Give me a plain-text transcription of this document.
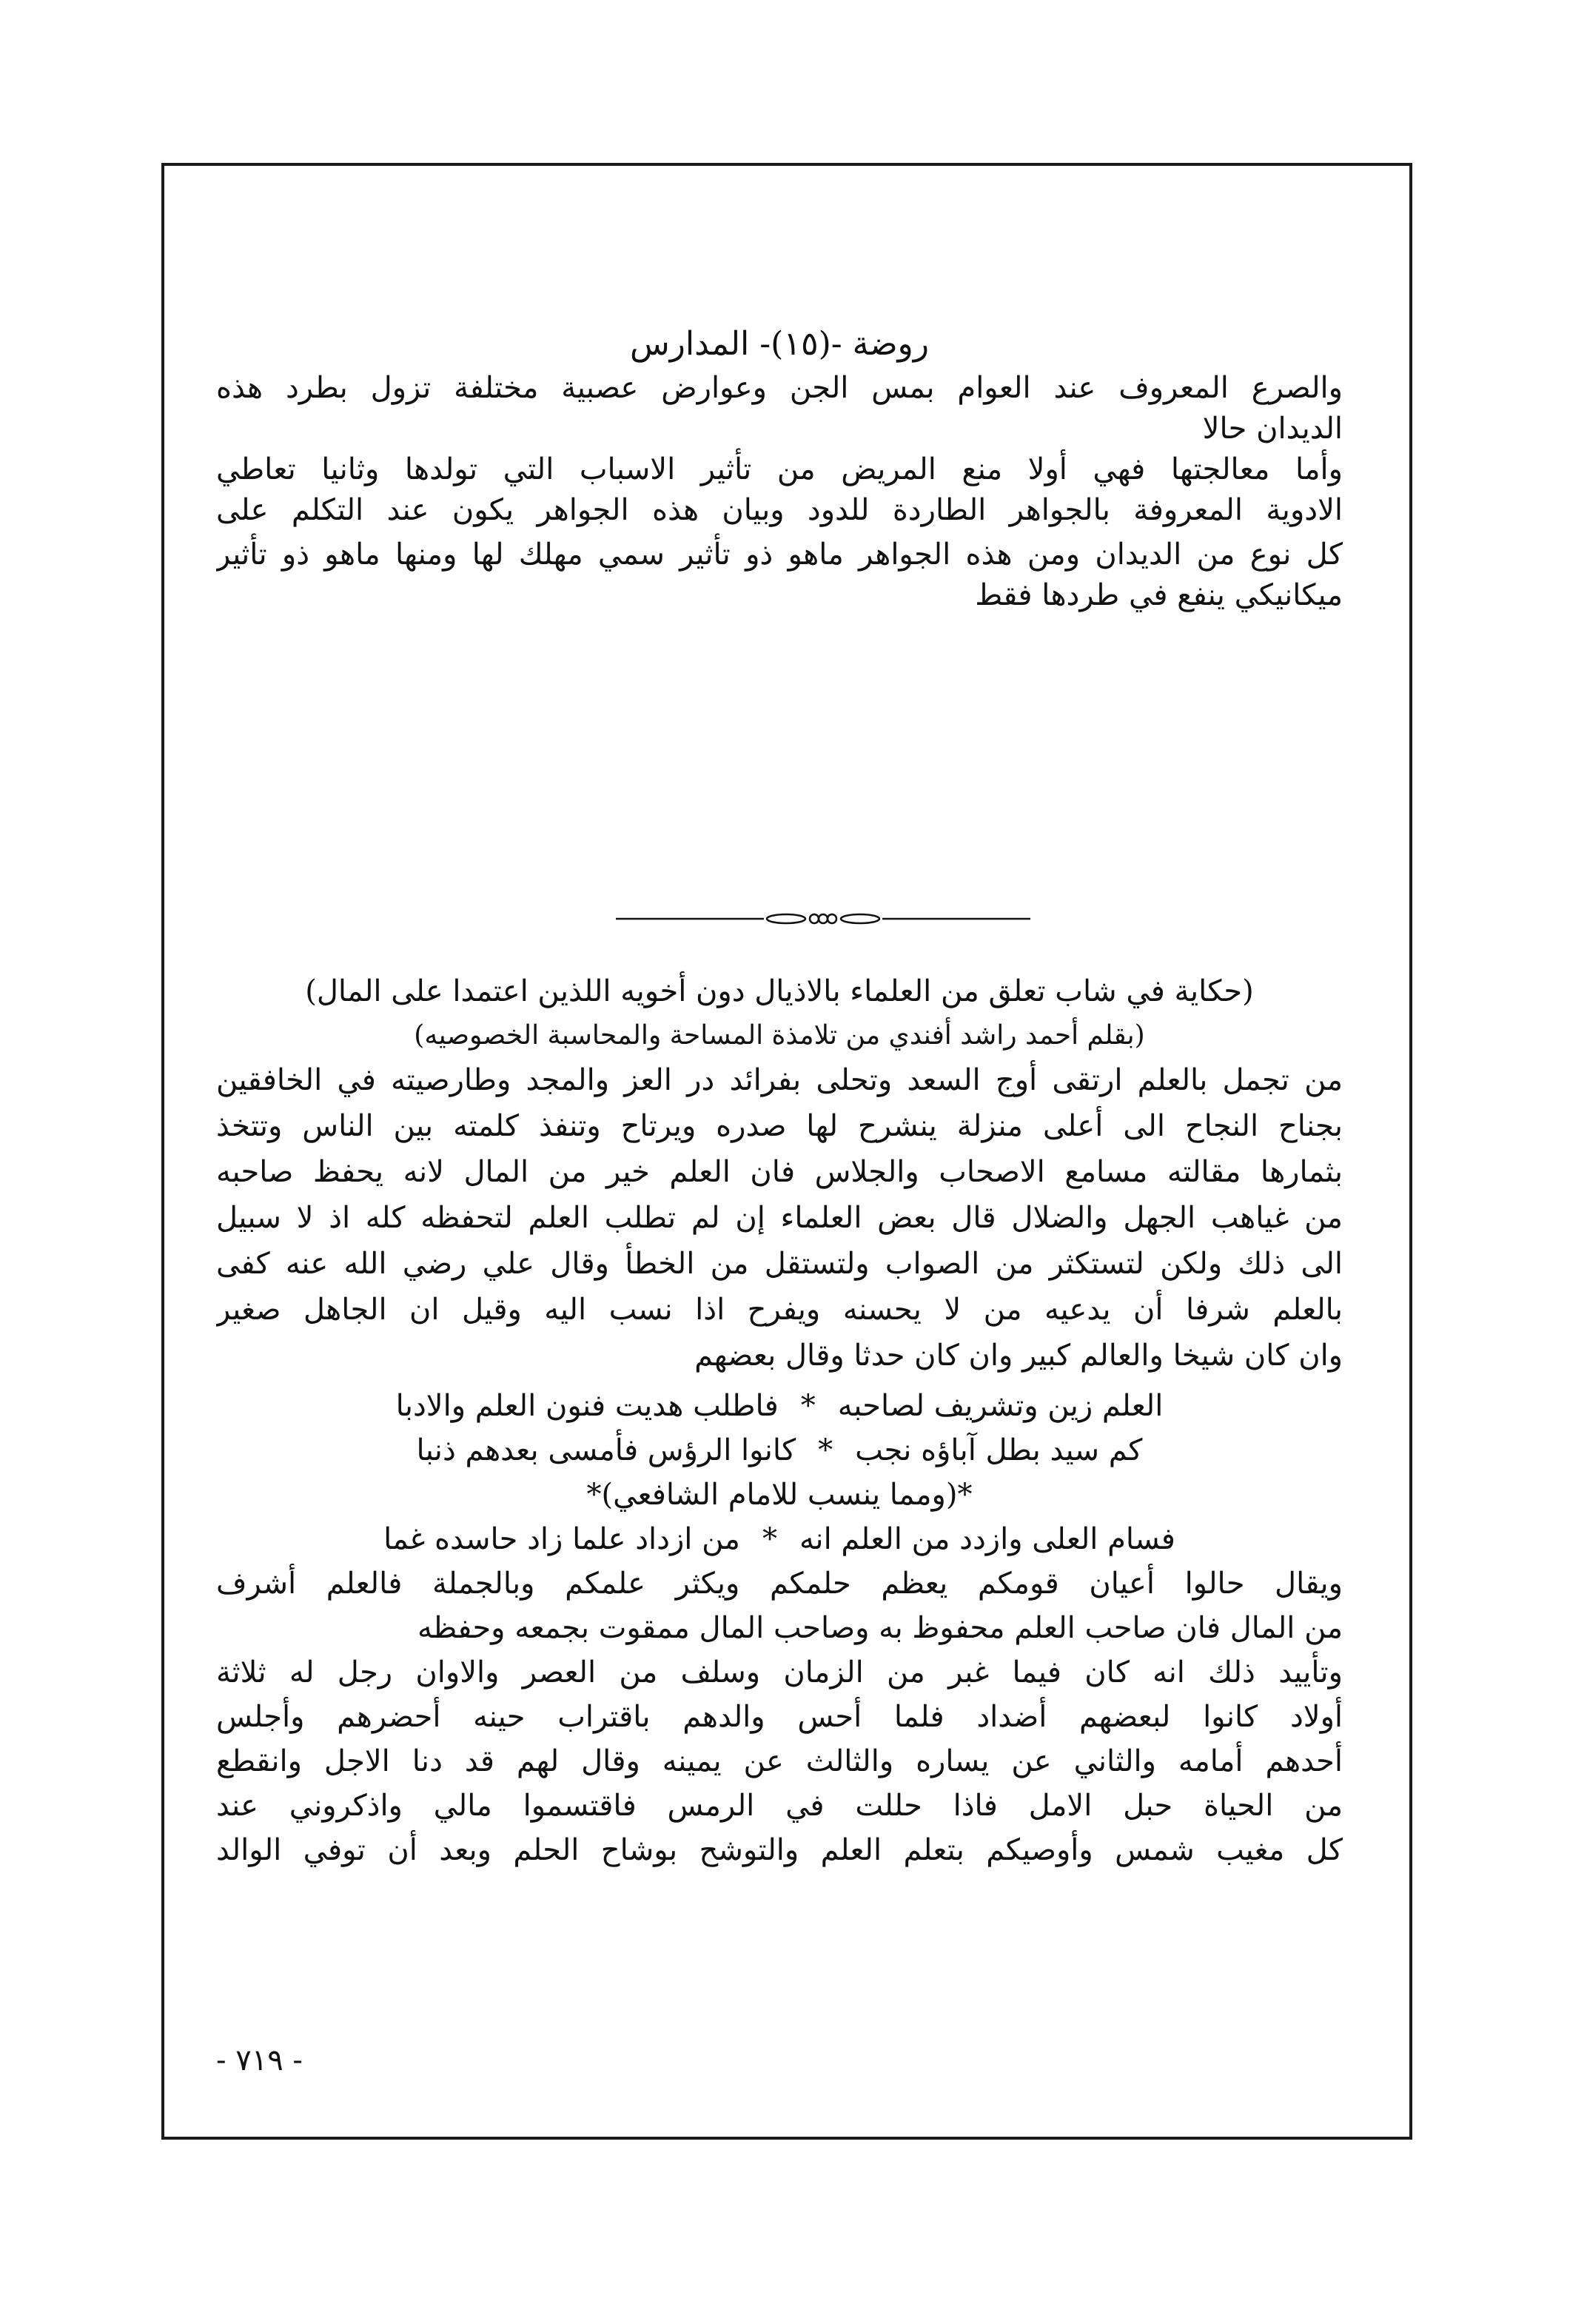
روضة -(١٥)- المدارس
والصرع المعروف عند العوام بمس الجن وعوارض عصبية مختلفة تزول بطرد هذه
الديدان حالا
وأما معالجتها فهي أولا منع المريض من تأثير الاسباب التي تولدها وثانيا تعاطي
الادوية المعروفة بالجواهر الطاردة للدود وبيان هذه الجواهر يكون عند التكلم على
كل نوع من الديدان ومن هذه الجواهر ماهو ذو تأثير سمي مهلك لها ومنها ماهو ذو تأثير
ميكانيكي ينفع في طردها فقط
(حكاية في شاب تعلق من العلماء بالاذيال دون أخويه اللذين اعتمدا على المال)
(بقلم أحمد راشد أفندي من تلامذة المساحة والمحاسبة الخصوصيه)
من تجمل بالعلم ارتقى أوج السعد وتحلى بفرائد در العز والمجد وطارصيته في الخافقين
بجناح النجاح الى أعلى منزلة ينشرح لها صدره ويرتاح وتنفذ كلمته بين الناس وتتخذ
بثمارها مقالته مسامع الاصحاب والجلاس فان العلم خير من المال لانه يحفظ صاحبه
من غياهب الجهل والضلال قال بعض العلماء إن لم تطلب العلم لتحفظه كله اذ لا سبيل
الى ذلك ولكن لتستكثر من الصواب ولتستقل من الخطأ وقال علي رضي الله عنه كفى
بالعلم شرفا أن يدعيه من لا يحسنه ويفرح اذا نسب اليه وقيل ان الجاهل صغير
وان كان شيخا والعالم كبير وان كان حدثا وقال بعضهم
العلم زين وتشريف لصاحبه*فاطلب هديت فنون العلم والادبا
كم سيد بطل آباؤه نجب*كانوا الرؤس فأمسى بعدهم ذنبا
*(ومما ينسب للامام الشافعي)*
فسام العلى وازدد من العلم انه*من ازداد علما زاد حاسده غما
ويقال حالوا أعيان قومكم يعظم حلمكم ويكثر علمكم وبالجملة فالعلم أشرف
من المال فان صاحب العلم محفوظ به وصاحب المال ممقوت بجمعه وحفظه
وتأييد ذلك انه كان فيما غبر من الزمان وسلف من العصر والاوان رجل له ثلاثة
أولاد كانوا لبعضهم أضداد فلما أحس والدهم باقتراب حينه أحضرهم وأجلس
أحدهم أمامه والثاني عن يساره والثالث عن يمينه وقال لهم قد دنا الاجل وانقطع
من الحياة حبل الامل فاذا حللت في الرمس فاقتسموا مالي واذكروني عند
كل مغيب شمس وأوصيكم بتعلم العلم والتوشح بوشاح الحلم وبعد أن توفي الوالد
- ٧١٩ -
